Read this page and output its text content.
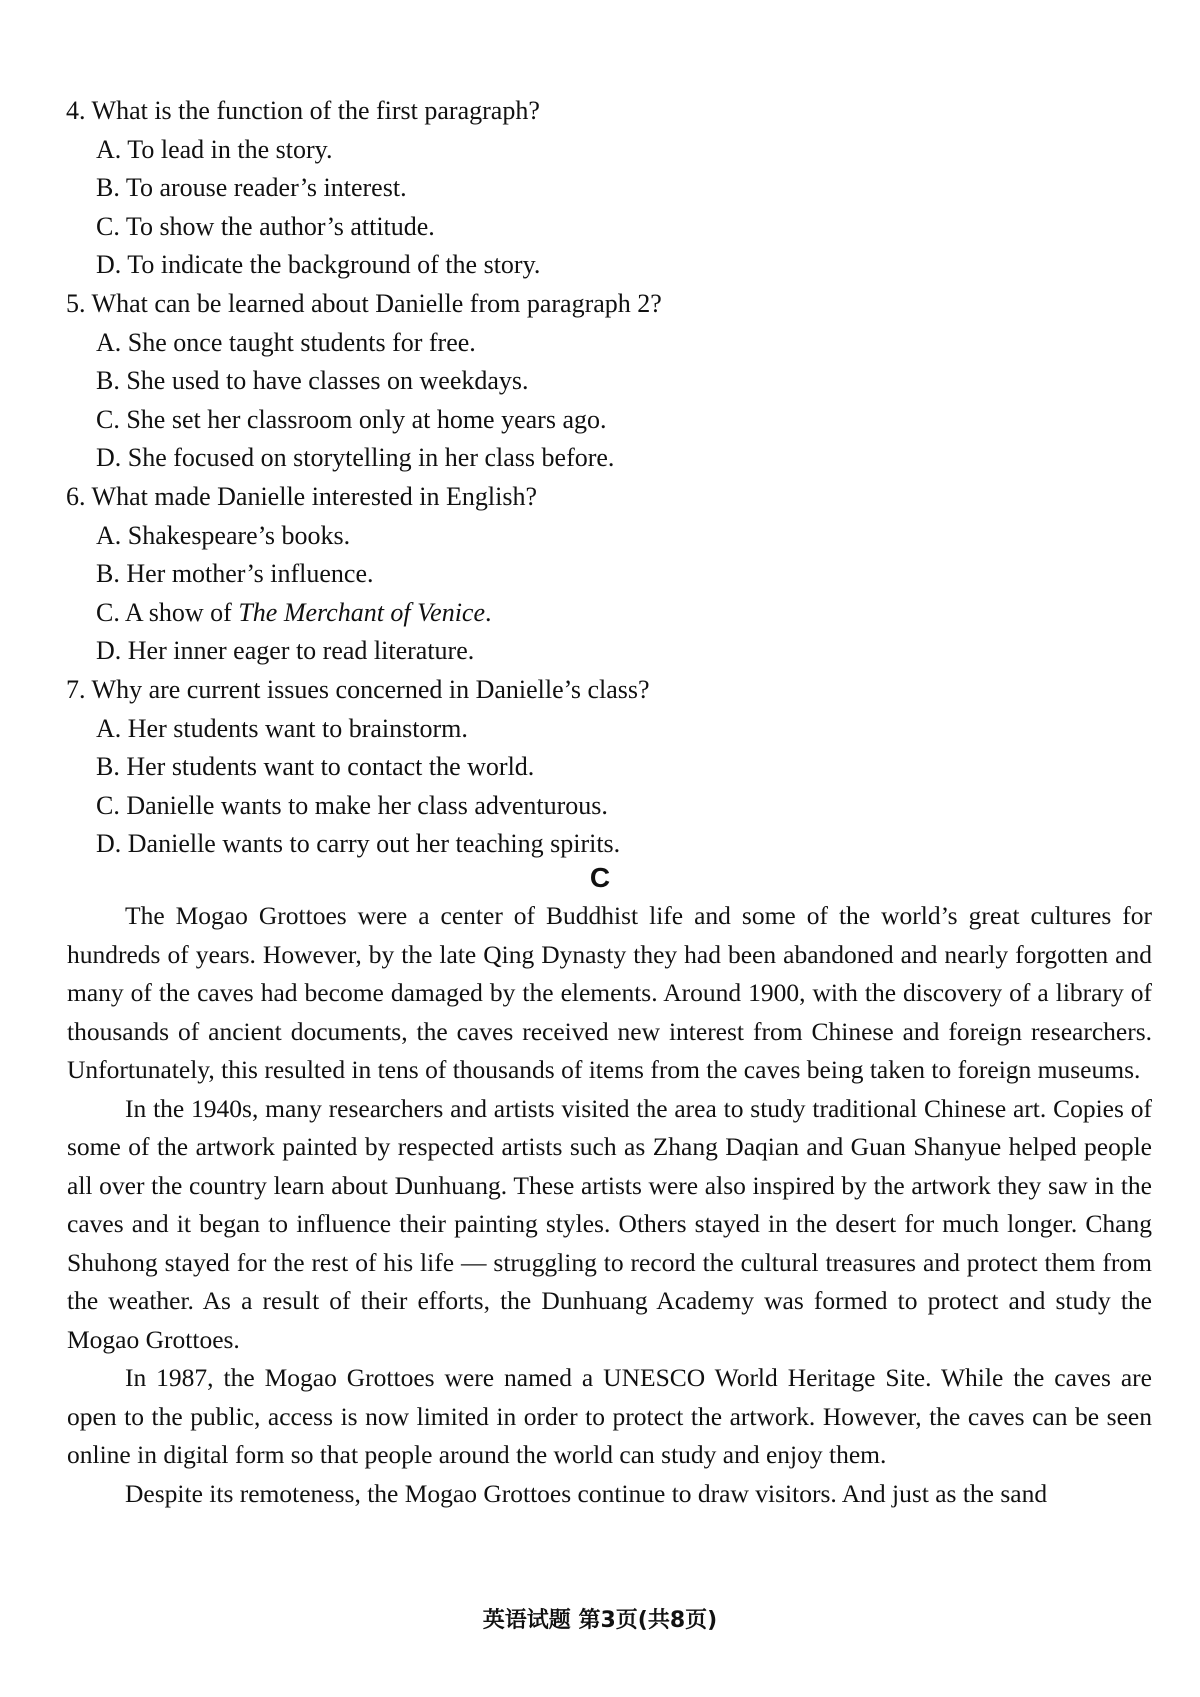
4. What is the function of the first paragraph?
A. To lead in the story.
B. To arouse reader’s interest.
C. To show the author’s attitude.
D. To indicate the background of the story.
5. What can be learned about Danielle from paragraph 2?
A. She once taught students for free.
B. She used to have classes on weekdays.
C. She set her classroom only at home years ago.
D. She focused on storytelling in her class before.
6. What made Danielle interested in English?
A. Shakespeare’s books.
B. Her mother’s influence.
C. A show of The Merchant of Venice.
D. Her inner eager to read literature.
7. Why are current issues concerned in Danielle’s class?
A. Her students want to brainstorm.
B. Her students want to contact the world.
C. Danielle wants to make her class adventurous.
D. Danielle wants to carry out her teaching spirits.
C

The Mogao Grottoes were a center of Buddhist life and some of the world’s great cultures for hundreds of years. However, by the late Qing Dynasty they had been abandoned and nearly forgotten and many of the caves had become damaged by the elements. Around 1900, with the discovery of a library of thousands of ancient documents, the caves received new interest from Chinese and foreign researchers. Unfortunately, this resulted in tens of thousands of items from the caves being taken to foreign museums.

In the 1940s, many researchers and artists visited the area to study traditional Chinese art. Copies of some of the artwork painted by respected artists such as Zhang Daqian and Guan Shanyue helped people all over the country learn about Dunhuang. These artists were also inspired by the artwork they saw in the caves and it began to influence their painting styles. Others stayed in the desert for much longer. Chang Shuhong stayed for the rest of his life — struggling to record the cultural treasures and protect them from the weather. As a result of their efforts, the Dunhuang Academy was formed to protect and study the Mogao Grottoes.

In 1987, the Mogao Grottoes were named a UNESCO World Heritage Site. While the caves are open to the public, access is now limited in order to protect the artwork. However, the caves can be seen online in digital form so that people around the world can study and enjoy them.

Despite its remoteness, the Mogao Grottoes continue to draw visitors. And just as the sand

英语试题 第3页(共8页)
